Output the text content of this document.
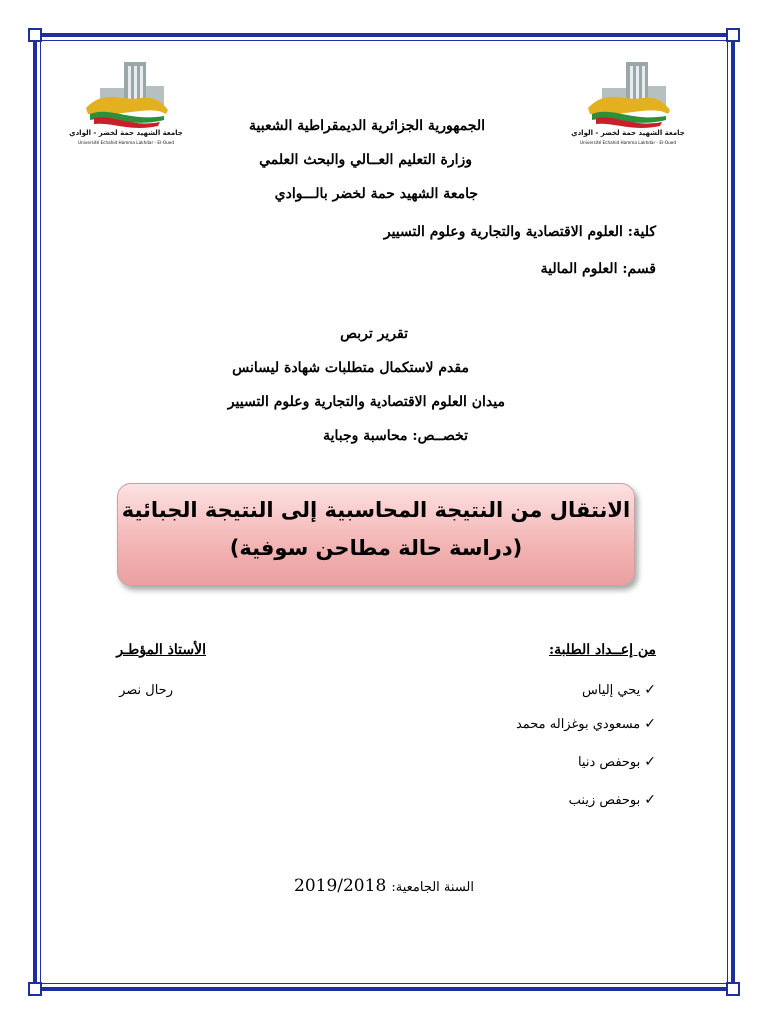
جامعة الشهيد حمة لخضر - الوادي
Université Echahid Hamma Lakhdar - El-Oued
جامعة الشهيد حمة لخضر - الوادي
Université Echahid Hamma Lakhdar - El-Oued
الجمهورية الجزائرية الديمقراطية الشعبية
وزارة التعليم العــالي والبحث العلمي
جامعة الشهيد حمة لخضر بالـــوادي
كلية: العلوم الاقتصادية والتجارية وعلوم التسيير
قسم: العلوم المالية
تقرير تربص
مقدم لاستكمال متطلبات شهادة ليسانس
ميدان العلوم الاقتصادية والتجارية وعلوم التسيير
تخصــص: محاسبة وجباية
الانتقال من النتيجة المحاسبية إلى النتيجة الجبائية
(دراسة حالة مطاحن سوفية)
من إعــداد الطلبة:
✓يحي إلياس
✓مسعودي بوغزاله محمد
✓بوحفص دنيا
✓بوحفص زينب
الأستاذ المؤطـر
رحال نصر
السنة الجامعية: 2019/2018
